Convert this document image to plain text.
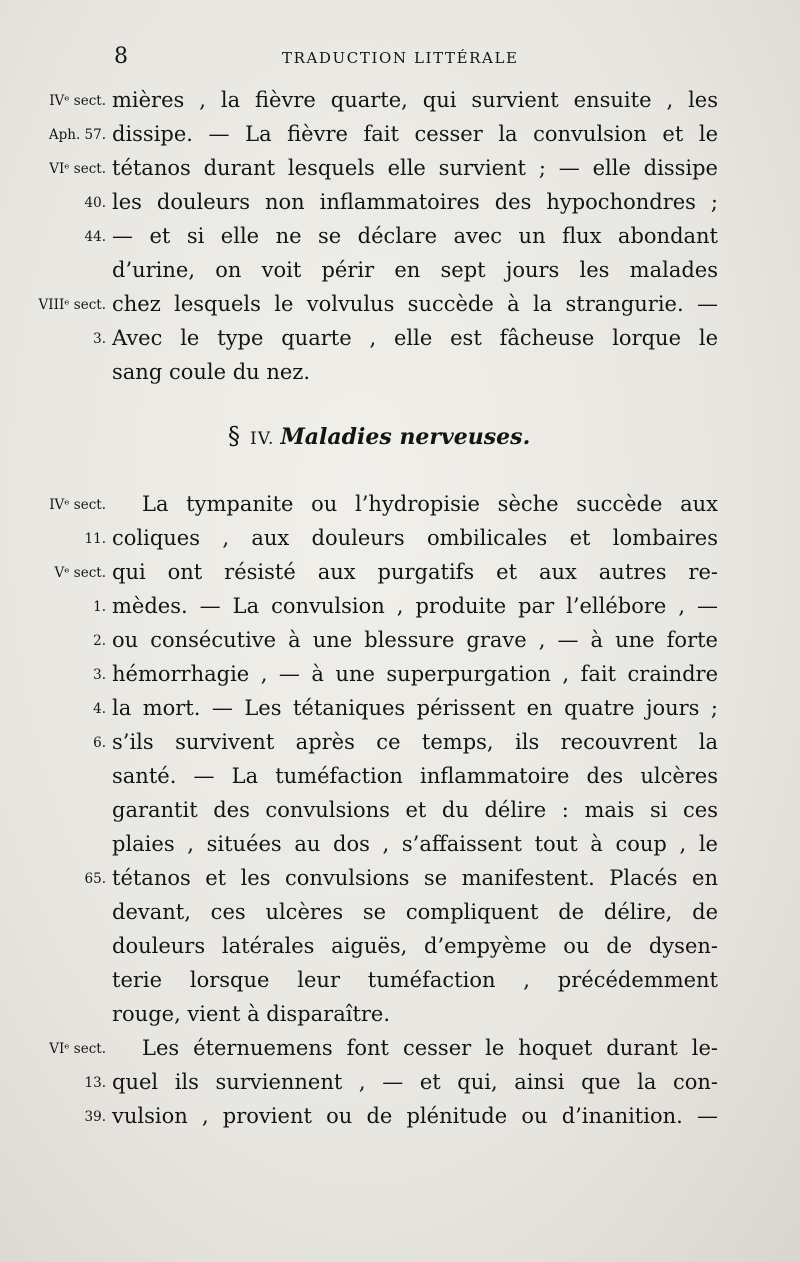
8	TRADUCTION LITTÉRALE
IVᵉ sect. mières , la fièvre quarte, qui survient ensuite , les
Aph. 57. dissipe. — La fièvre fait cesser la convulsion et le
VIᵉ sect. tétanos durant lesquels elle survient ; — elle dissipe
40. les douleurs non inflammatoires des hypochondres ;
44. — et si elle ne se déclare avec un flux abondant
d’urine, on voit périr en sept jours les malades
VIIIᵉ sect. chez lesquels le volvulus succède à la strangurie. —
3. Avec le type quarte , elle est fâcheuse lorque le
sang coule du nez.
§ IV. Maladies nerveuses.
IVᵉ sect. La tympanite ou l’hydropisie sèche succède aux
11. coliques , aux douleurs ombilicales et lombaires
Vᵉ sect. qui ont résisté aux purgatifs et aux autres re-
1. mèdes. — La convulsion , produite par l’ellébore , —
2. ou consécutive à une blessure grave , — à une forte
3. hémorrhagie , — à une superpurgation , fait craindre
4. la mort. — Les tétaniques périssent en quatre jours ;
6. s’ils survivent après ce temps, ils recouvrent la
santé. — La tuméfaction inflammatoire des ulcères
garantit des convulsions et du délire : mais si ces
plaies , situées au dos , s’affaissent tout à coup , le
65. tétanos et les convulsions se manifestent. Placés en
devant, ces ulcères se compliquent de délire, de
douleurs latérales aiguës, d’empyème ou de dysen-
terie lorsque leur tuméfaction , précédemment
rouge, vient à disparaître.
VIᵉ sect. Les éternuemens font cesser le hoquet durant le-
13. quel ils surviennent , — et qui, ainsi que la con-
39. vulsion , provient ou de plénitude ou d’inanition. —
